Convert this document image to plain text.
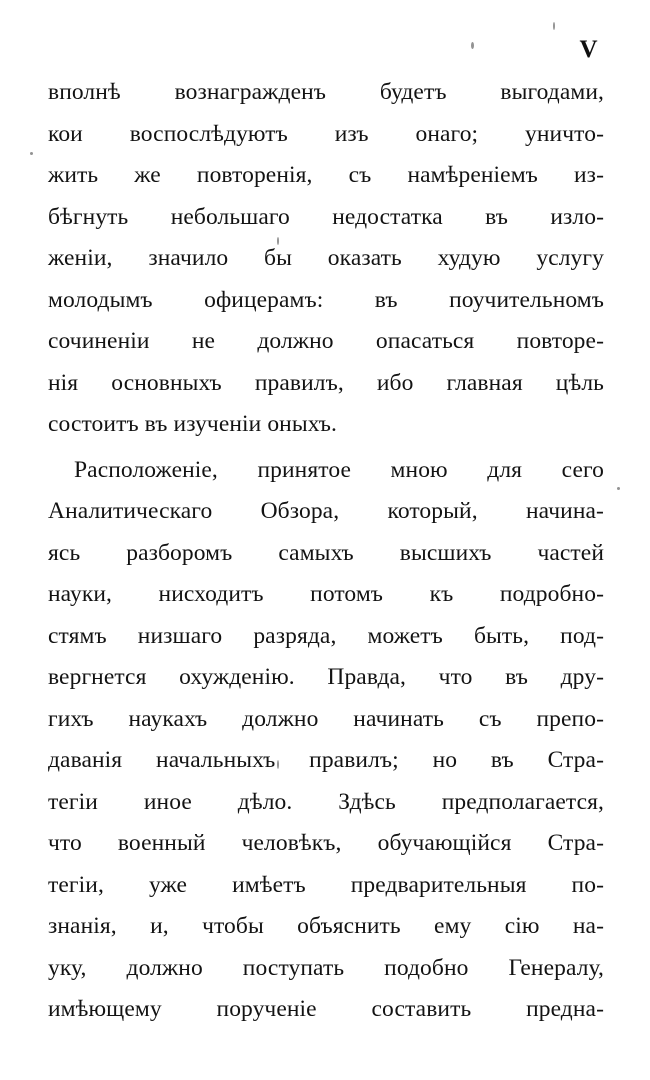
V

вполнѣ вознагражденъ будетъ выгодами,
кои воспослѣдуютъ изъ онаго; уничто-
жить же повторенія, съ намѣреніемъ из-
бѣгнуть небольшаго недостатка въ изло-
женіи, значило бы оказать худую услугу
молодымъ офицерамъ: въ поучительномъ
сочиненіи не должно опасаться повторе-
нія основныхъ правилъ, ибо главная цѣль
состоитъ въ изученіи оныхъ.

Расположеніе, принятое мною для сего
Аналитическаго Обзора, который, начина-
ясь разборомъ самыхъ высшихъ частей
науки, нисходитъ потомъ къ подробно-
стямъ низшаго разряда, можетъ быть, под-
вергнется охужденію. Правда, что въ дру-
гихъ наукахъ должно начинать съ препо-
даванія начальныхъ правилъ; но въ Стра-
тегіи иное дѣло. Здѣсь предполагается,
что военный человѣкъ, обучающійся Стра-
тегіи, уже имѣетъ предварительныя по-
знанія, и, чтобы объяснить ему сію на-
уку, должно поступать подобно Генералу,
имѣющему порученіе составить предна-
